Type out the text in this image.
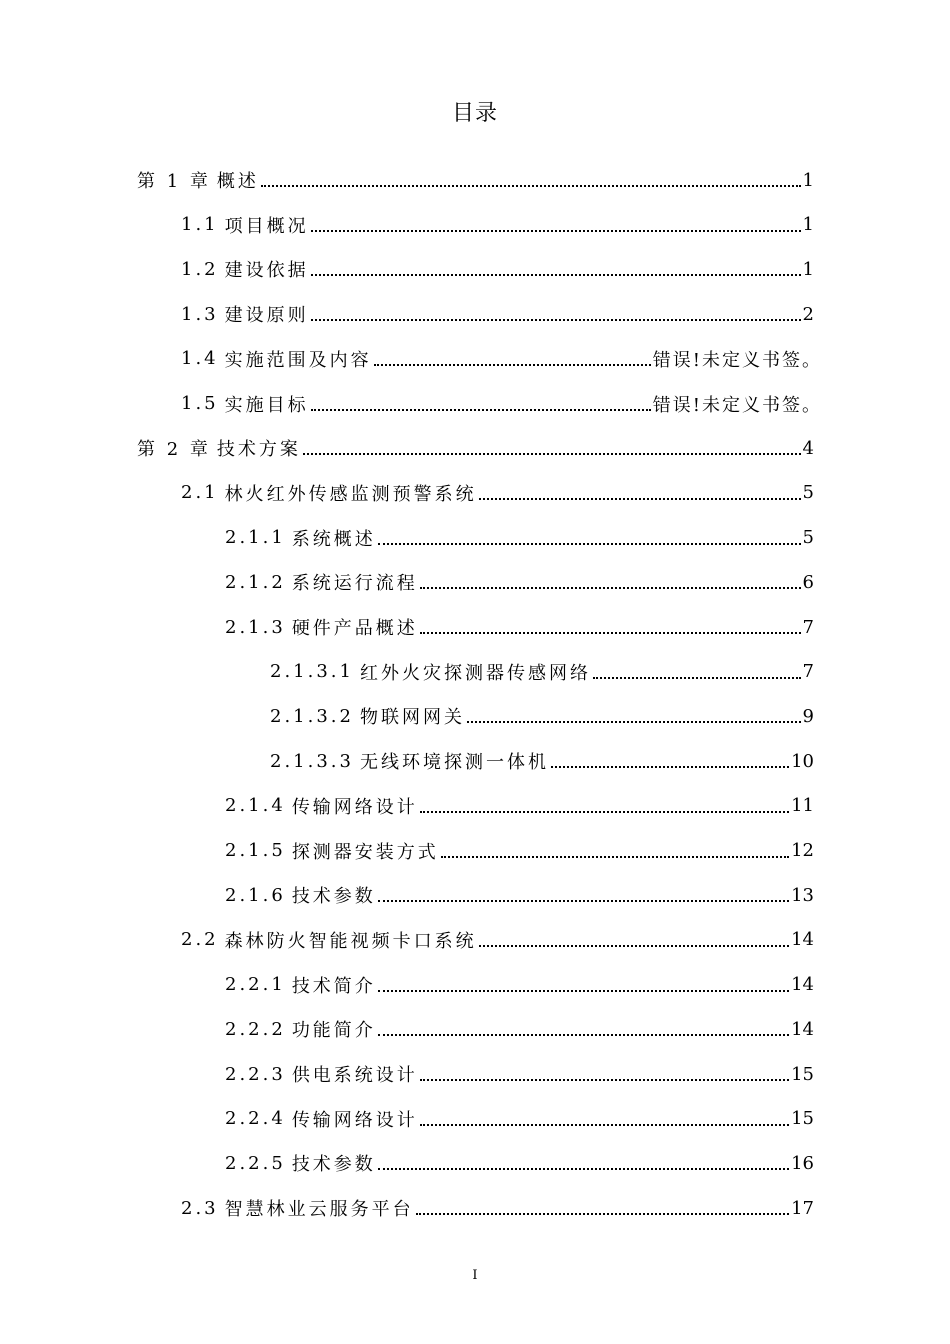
目录
第 1 章 概述	1
1.1 项目概况	1
1.2 建设依据	1
1.3 建设原则	2
1.4 实施范围及内容	错误!未定义书签。
1.5 实施目标	错误!未定义书签。
第 2 章 技术方案	4
2.1 林火红外传感监测预警系统	5
2.1.1 系统概述	5
2.1.2 系统运行流程	6
2.1.3 硬件产品概述	7
2.1.3.1 红外火灾探测器传感网络	7
2.1.3.2 物联网网关	9
2.1.3.3 无线环境探测一体机	10
2.1.4 传输网络设计	11
2.1.5 探测器安装方式	12
2.1.6 技术参数	13
2.2 森林防火智能视频卡口系统	14
2.2.1 技术简介	14
2.2.2 功能简介	14
2.2.3 供电系统设计	15
2.2.4 传输网络设计	15
2.2.5 技术参数	16
2.3 智慧林业云服务平台	17
I
